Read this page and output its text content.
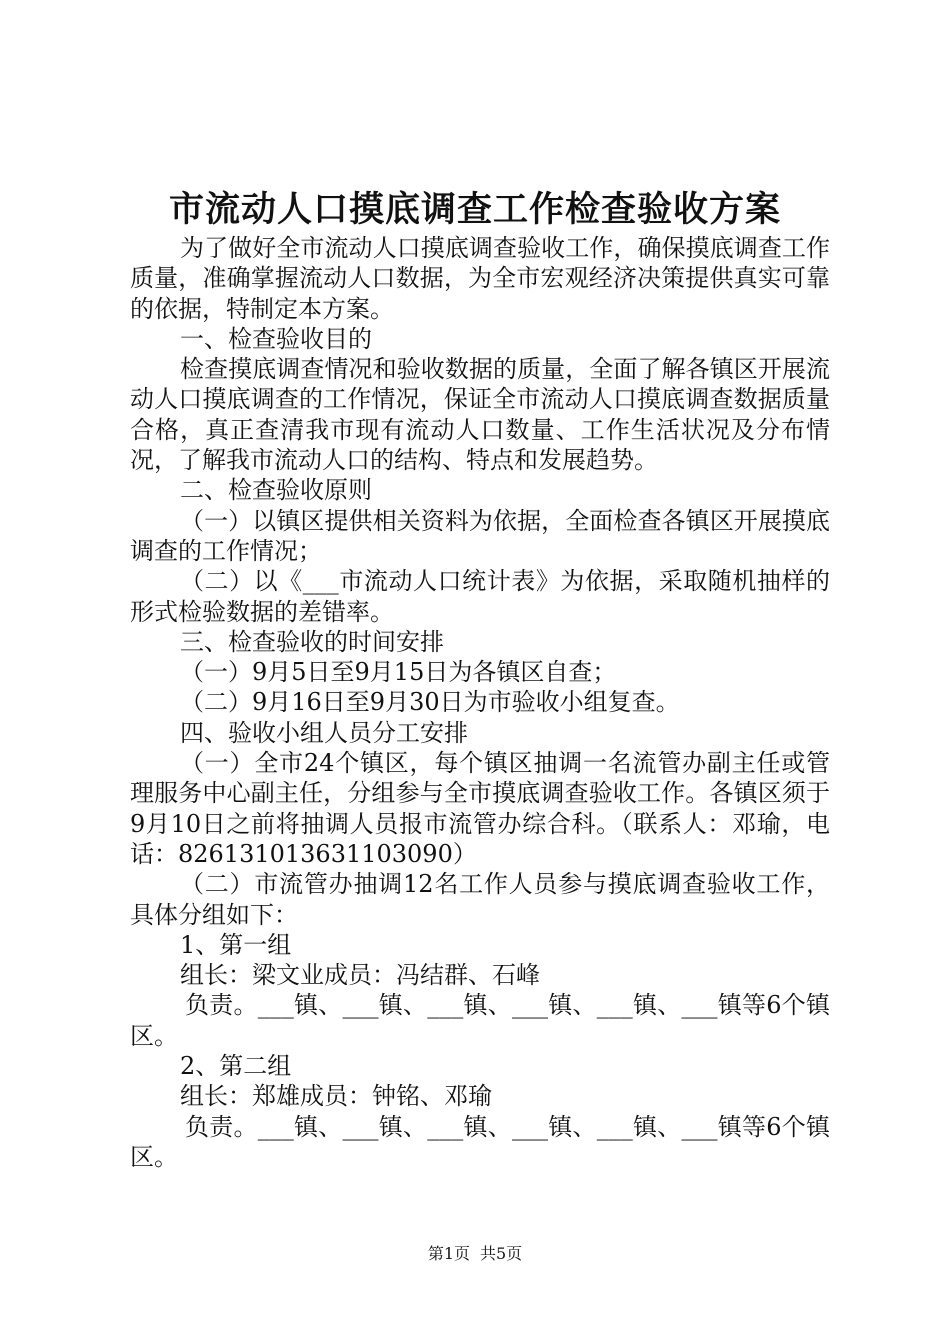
市流动人口摸底调查工作检查验收方案

为了做好全市流动人口摸底调查验收工作，确保摸底调查工作质量，准确掌握流动人口数据，为全市宏观经济决策提供真实可靠的依据，特制定本方案。

一、检查验收目的

检查摸底调查情况和验收数据的质量，全面了解各镇区开展流动人口摸底调查的工作情况，保证全市流动人口摸底调查数据质量合格，真正查清我市现有流动人口数量、工作生活状况及分布情况，了解我市流动人口的结构、特点和发展趋势。

二、检查验收原则

（一）以镇区提供相关资料为依据，全面检查各镇区开展摸底调查的工作情况；

（二）以《___市流动人口统计表》为依据，采取随机抽样的形式检验数据的差错率。

三、检查验收的时间安排

（一）9月5日至9月15日为各镇区自查；

（二）9月16日至9月30日为市验收小组复查。

四、验收小组人员分工安排

（一）全市24个镇区，每个镇区抽调一名流管办副主任或管理服务中心副主任，分组参与全市摸底调查验收工作。各镇区须于9月10日之前将抽调人员报市流管办综合科。（联系人：邓瑜，电话：826131013631103090）

（二）市流管办抽调12名工作人员参与摸底调查验收工作，具体分组如下：

1、第一组

组长：梁文业成员：冯结群、石峰

负责。___镇、___镇、___镇、___镇、___镇、___镇等6个镇区。

2、第二组

组长：郑雄成员：钟铭、邓瑜

负责。___镇、___镇、___镇、___镇、___镇、___镇等6个镇区。

第1页 共5页
